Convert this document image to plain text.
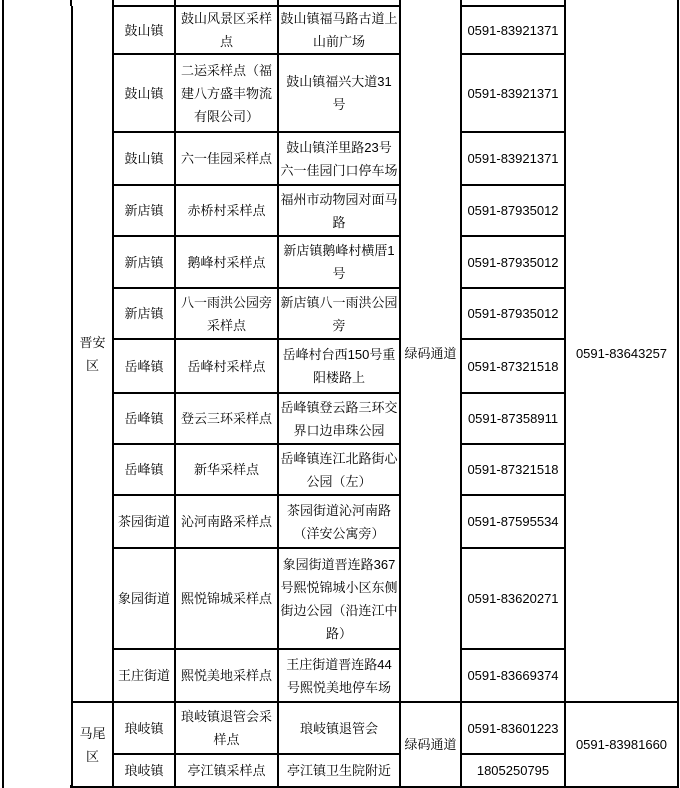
	晋安区	鼓山镇	鼓山风景区采样点	鼓山镇福马路古道上山前广场	绿码通道	0591-83921371	0591-83643257
		鼓山镇	二运采样点（福建八方盛丰物流有限公司）	鼓山镇福兴大道31号		0591-83921371	
		鼓山镇	六一佳园采样点	鼓山镇洋里路23号六一佳园门口停车场		0591-83921371	
		新店镇	赤桥村采样点	福州市动物园对面马路		0591-87935012	
		新店镇	鹅峰村采样点	新店镇鹅峰村横厝1号		0591-87935012	
		新店镇	八一雨洪公园旁采样点	新店镇八一雨洪公园旁		0591-87935012	
		岳峰镇	岳峰村采样点	岳峰村台西150号重阳楼路上		0591-87321518	
		岳峰镇	登云三环采样点	岳峰镇登云路三环交界口边串珠公园		0591-87358911	
		岳峰镇	新华采样点	岳峰镇连江北路街心公园（左）		0591-87321518	
		茶园街道	沁河南路采样点	茶园街道沁河南路（洋安公寓旁）		0591-87595534	
		象园街道	熙悦锦城采样点	象园街道晋连路367号熙悦锦城小区东侧街边公园（沿连江中路）		0591-83620271	
		王庄街道	熙悦美地采样点	王庄街道晋连路44号熙悦美地停车场		0591-83669374	
	马尾区	琅岐镇	琅岐镇退管会采样点	琅岐镇退管会	绿码通道	0591-83601223	0591-83981660
		琅岐镇	亭江镇采样点	亭江镇卫生院附近		1805250795	
